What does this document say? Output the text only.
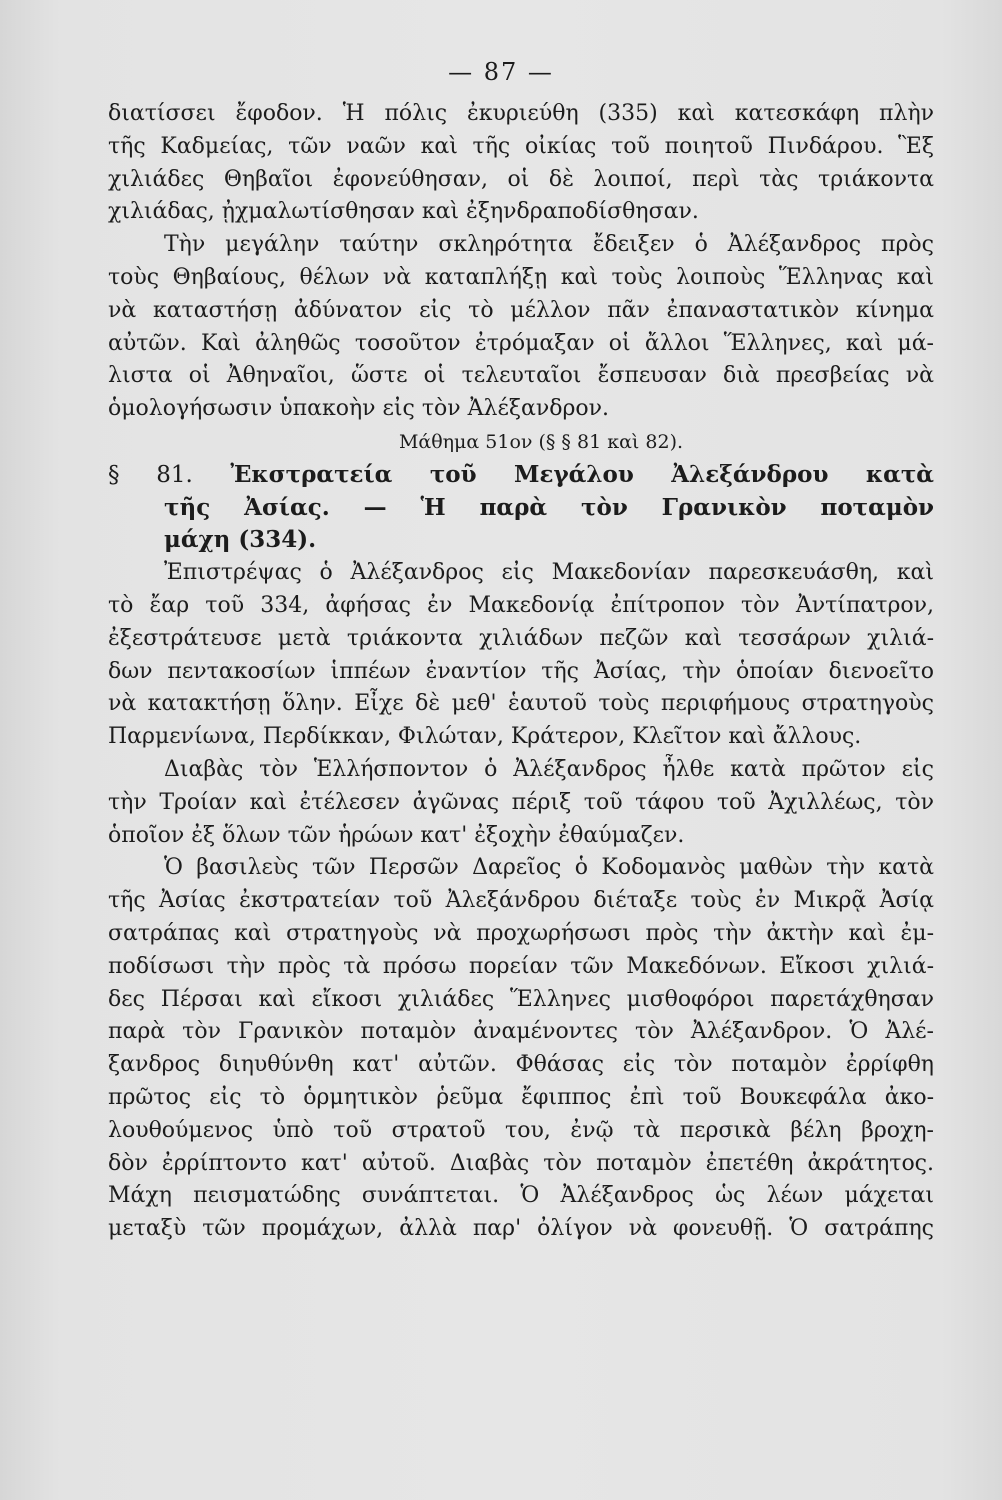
— 87 —
διατίσσει ἔφοδον. Ἡ πόλις ἐκυριεύθη (335) καὶ κατεσκάφη πλὴν
τῆς Καδμείας, τῶν ναῶν καὶ τῆς οἰκίας τοῦ ποιητοῦ Πινδάρου. Ἓξ
χιλιάδες Θηβαῖοι ἐφονεύθησαν, οἱ δὲ λοιποί, περὶ τὰς τριάκοντα
χιλιάδας, ᾐχμαλωτίσθησαν καὶ ἐξηνδραποδίσθησαν.
Τὴν μεγάλην ταύτην σκληρότητα ἔδειξεν ὁ Ἀλέξανδρος πρὸς
τοὺς Θηβαίους, θέλων νὰ καταπλήξῃ καὶ τοὺς λοιποὺς Ἕλληνας καὶ
νὰ καταστήσῃ ἀδύνατον εἰς τὸ μέλλον πᾶν ἐπαναστατικὸν κίνημα
αὐτῶν. Καὶ ἀληθῶς τοσοῦτον ἐτρόμαξαν οἱ ἄλλοι Ἕλληνες, καὶ μά-
λιστα οἱ Ἀθηναῖοι, ὥστε οἱ τελευταῖοι ἔσπευσαν διὰ πρεσβείας νὰ
ὁμολογήσωσιν ὑπακοὴν εἰς τὸν Ἀλέξανδρον.
Μάθημα 51ον (§ § 81 καὶ 82).
§ 81. Ἐκστρατεία τοῦ Μεγάλου Ἀλεξάνδρου κατὰ
τῆς Ἀσίας. — Ἡ παρὰ τὸν Γρανικὸν ποταμὸν
μάχη (334).
Ἐπιστρέψας ὁ Ἀλέξανδρος εἰς Μακεδονίαν παρεσκευάσθη, καὶ
τὸ ἔαρ τοῦ 334, ἀφήσας ἐν Μακεδονίᾳ ἐπίτροπον τὸν Ἀντίπατρον,
ἐξεστράτευσε μετὰ τριάκοντα χιλιάδων πεζῶν καὶ τεσσάρων χιλιά-
δων πεντακοσίων ἱππέων ἐναντίον τῆς Ἀσίας, τὴν ὁποίαν διενοεῖτο
νὰ κατακτήσῃ ὅλην. Εἶχε δὲ μεθ' ἑαυτοῦ τοὺς περιφήμους στρατηγοὺς
Παρμενίωνα, Περδίκκαν, Φιλώταν, Κράτερον, Κλεῖτον καὶ ἄλλους.
Διαβὰς τὸν Ἑλλήσποντον ὁ Ἀλέξανδρος ἦλθε κατὰ πρῶτον εἰς
τὴν Τροίαν καὶ ἐτέλεσεν ἀγῶνας πέριξ τοῦ τάφου τοῦ Ἀχιλλέως, τὸν
ὁποῖον ἐξ ὅλων τῶν ἡρώων κατ' ἐξοχὴν ἐθαύμαζεν.
Ὁ βασιλεὺς τῶν Περσῶν Δαρεῖος ὁ Κοδομανὸς μαθὼν τὴν κατὰ
τῆς Ἀσίας ἐκστρατείαν τοῦ Ἀλεξάνδρου διέταξε τοὺς ἐν Μικρᾷ Ἀσίᾳ
σατράπας καὶ στρατηγοὺς νὰ προχωρήσωσι πρὸς τὴν ἀκτὴν καὶ ἐμ-
ποδίσωσι τὴν πρὸς τὰ πρόσω πορείαν τῶν Μακεδόνων. Εἴκοσι χιλιά-
δες Πέρσαι καὶ εἴκοσι χιλιάδες Ἕλληνες μισθοφόροι παρετάχθησαν
παρὰ τὸν Γρανικὸν ποταμὸν ἀναμένοντες τὸν Ἀλέξανδρον. Ὁ Ἀλέ-
ξανδρος διηυθύνθη κατ' αὐτῶν. Φθάσας εἰς τὸν ποταμὸν ἐρρίφθη
πρῶτος εἰς τὸ ὁρμητικὸν ῥεῦμα ἔφιππος ἐπὶ τοῦ Βουκεφάλα ἀκο-
λουθούμενος ὑπὸ τοῦ στρατοῦ του, ἐνῷ τὰ περσικὰ βέλη βροχη-
δὸν ἐρρίπτοντο κατ' αὐτοῦ. Διαβὰς τὸν ποταμὸν ἐπετέθη ἀκράτητος.
Μάχη πεισματώδης συνάπτεται. Ὁ Ἀλέξανδρος ὡς λέων μάχεται
μεταξὺ τῶν προμάχων, ἀλλὰ παρ' ὀλίγον νὰ φονευθῇ. Ὁ σατράπης
